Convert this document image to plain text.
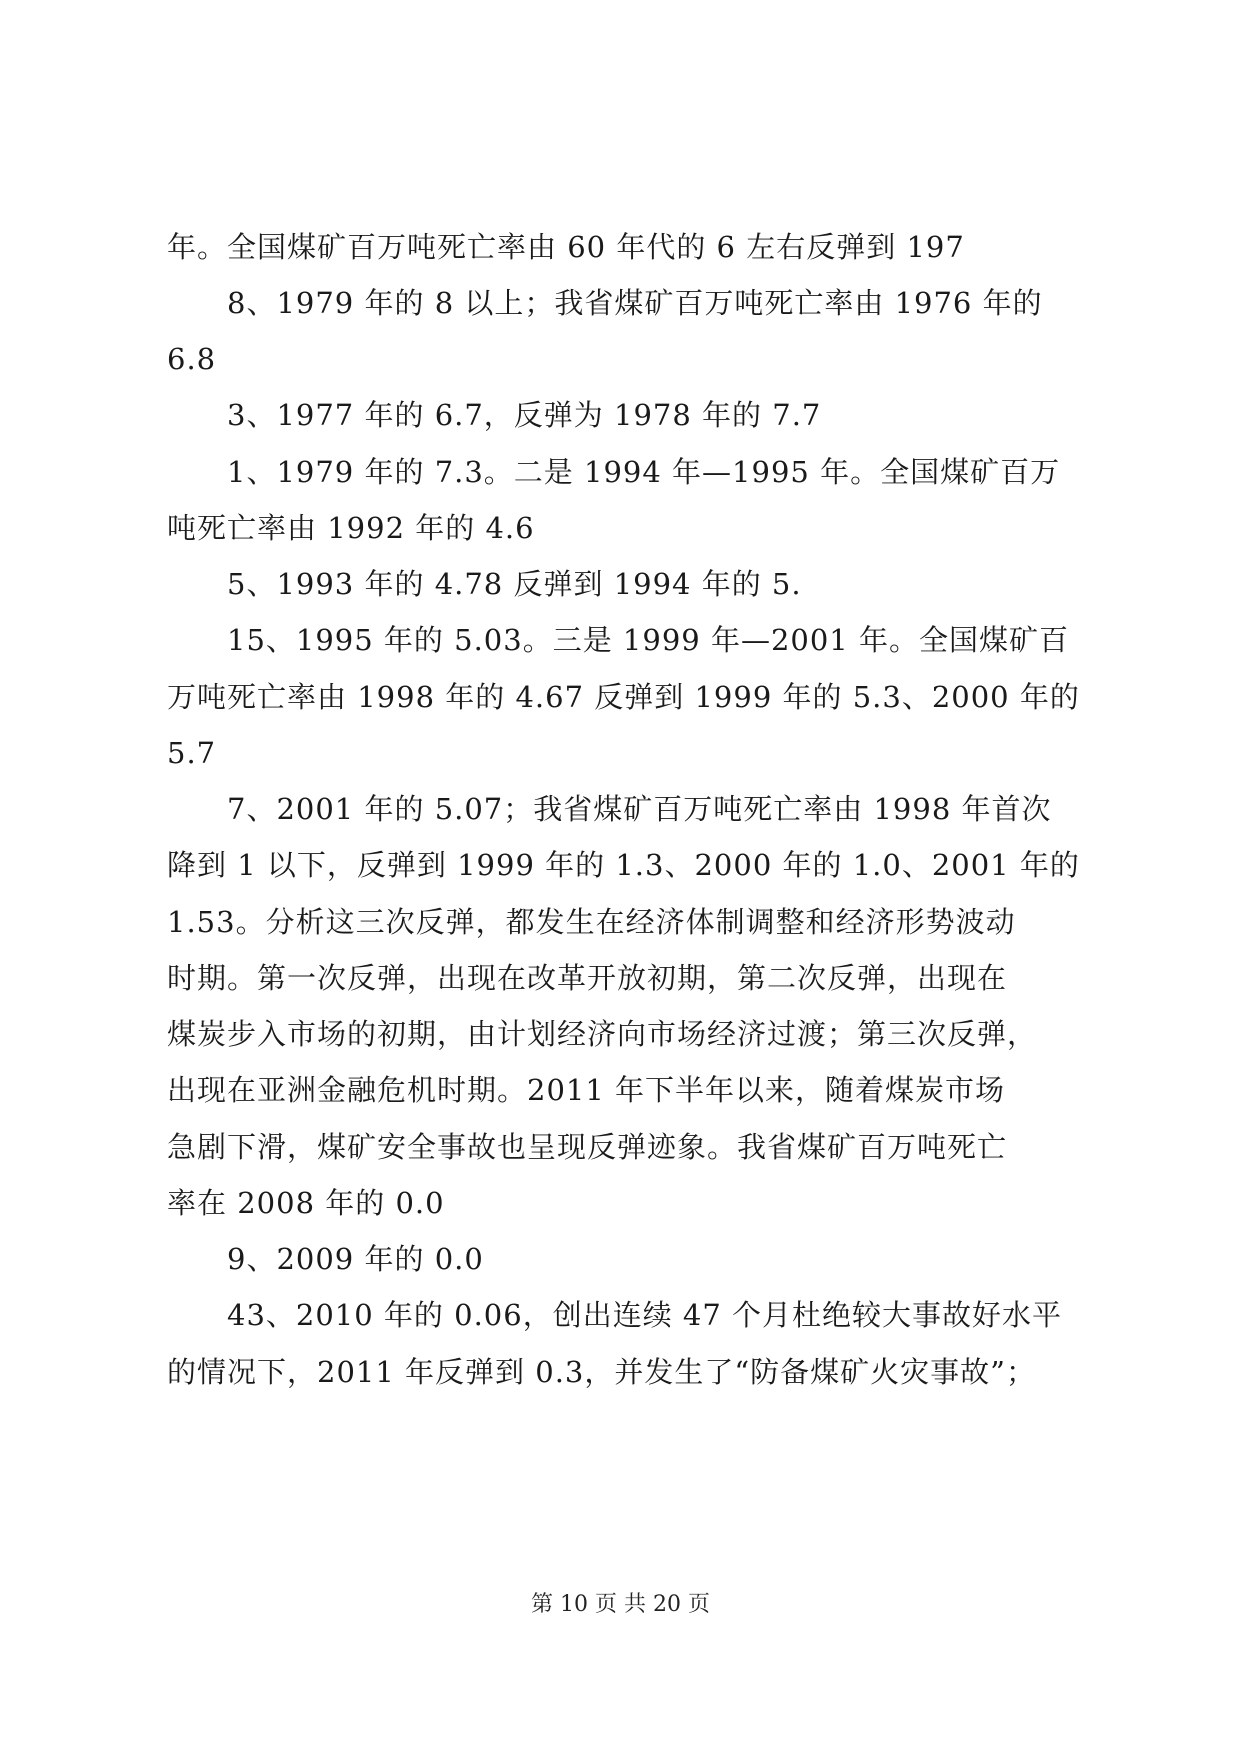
年。全国煤矿百万吨死亡率由 60 年代的 6 左右反弹到 197
8、1979 年的 8 以上；我省煤矿百万吨死亡率由 1976 年的
6.8
3、1977 年的 6.7，反弹为 1978 年的 7.7
1、1979 年的 7.3。二是 1994 年—1995 年。全国煤矿百万
吨死亡率由 1992 年的 4.6
5、1993 年的 4.78 反弹到 1994 年的 5.
15、1995 年的 5.03。三是 1999 年—2001 年。全国煤矿百
万吨死亡率由 1998 年的 4.67 反弹到 1999 年的 5.3、2000 年的
5.7
7、2001 年的 5.07；我省煤矿百万吨死亡率由 1998 年首次
降到 1 以下，反弹到 1999 年的 1.3、2000 年的 1.0、2001 年的
1.53。分析这三次反弹，都发生在经济体制调整和经济形势波动
时期。第一次反弹，出现在改革开放初期，第二次反弹，出现在
煤炭步入市场的初期，由计划经济向市场经济过渡；第三次反弹，
出现在亚洲金融危机时期。2011 年下半年以来，随着煤炭市场
急剧下滑，煤矿安全事故也呈现反弹迹象。我省煤矿百万吨死亡
率在 2008 年的 0.0
9、2009 年的 0.0
43、2010 年的 0.06，创出连续 47 个月杜绝较大事故好水平
的情况下，2011 年反弹到 0.3，并发生了“防备煤矿火灾事故”；
第 10 页 共 20 页
